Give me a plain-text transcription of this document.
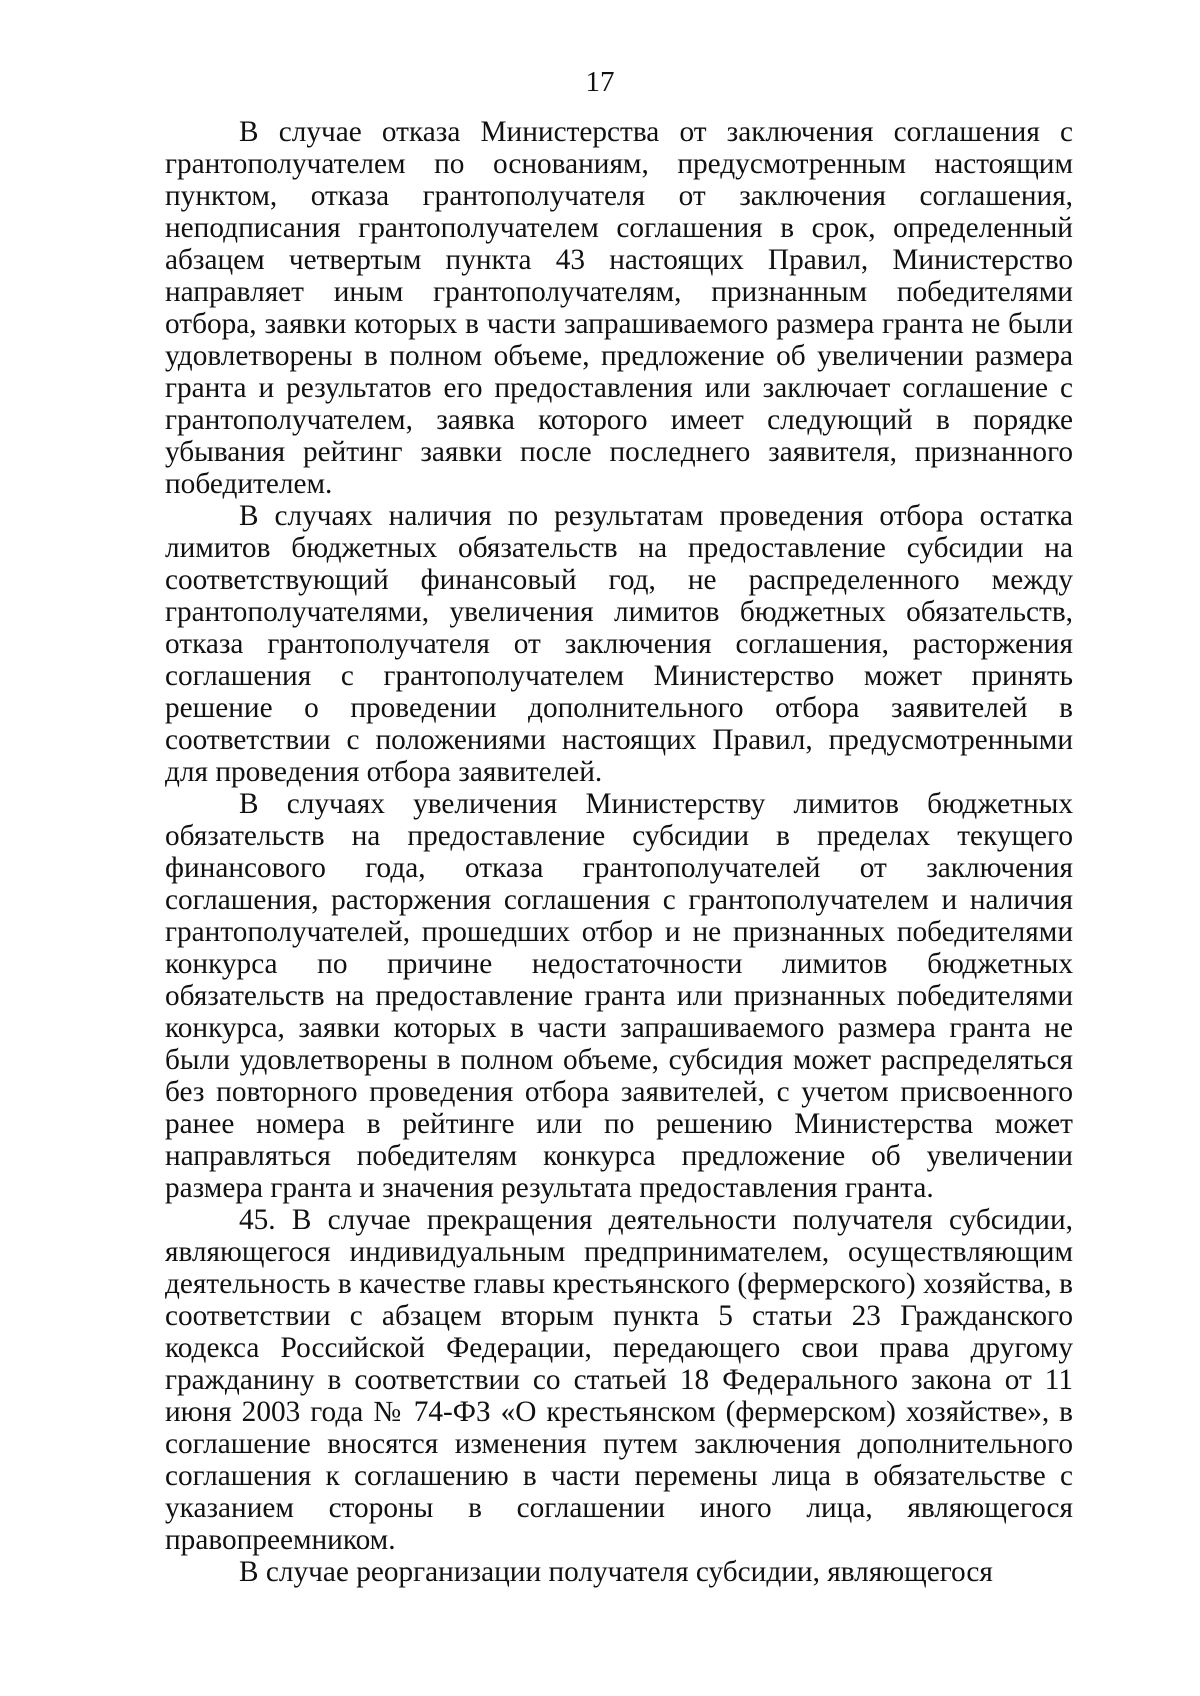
17

В случае отказа Министерства от заключения соглашения с грантополучателем по основаниям, предусмотренным настоящим пунктом, отказа грантополучателя от заключения соглашения, неподписания грантополучателем соглашения в срок, определенный абзацем четвертым пункта 43 настоящих Правил, Министерство направляет иным грантополучателям, признанным победителями отбора, заявки которых в части запрашиваемого размера гранта не были удовлетворены в полном объеме, предложение об увеличении размера гранта и результатов его предоставления или заключает соглашение с грантополучателем, заявка которого имеет следующий в порядке убывания рейтинг заявки после последнего заявителя, признанного победителем.

В случаях наличия по результатам проведения отбора остатка лимитов бюджетных обязательств на предоставление субсидии на соответствующий финансовый год, не распределенного между грантополучателями, увеличения лимитов бюджетных обязательств, отказа грантополучателя от заключения соглашения, расторжения соглашения с грантополучателем Министерство может принять решение о проведении дополнительного отбора заявителей в соответствии с положениями настоящих Правил, предусмотренными для проведения отбора заявителей.

В случаях увеличения Министерству лимитов бюджетных обязательств на предоставление субсидии в пределах текущего финансового года, отказа грантополучателей от заключения соглашения, расторжения соглашения с грантополучателем и наличия грантополучателей, прошедших отбор и не признанных победителями конкурса по причине недостаточности лимитов бюджетных обязательств на предоставление гранта или признанных победителями конкурса, заявки которых в части запрашиваемого размера гранта не были удовлетворены в полном объеме, субсидия может распределяться без повторного проведения отбора заявителей, с учетом присвоенного ранее номера в рейтинге или по решению Министерства может направляться победителям конкурса предложение об увеличении размера гранта и значения результата предоставления гранта.

45. В случае прекращения деятельности получателя субсидии, являющегося индивидуальным предпринимателем, осуществляющим деятельность в качестве главы крестьянского (фермерского) хозяйства, в соответствии с абзацем вторым пункта 5 статьи 23 Гражданского кодекса Российской Федерации, передающего свои права другому гражданину в соответствии со статьей 18 Федерального закона от 11 июня 2003 года № 74-ФЗ «О крестьянском (фермерском) хозяйстве», в соглашение вносятся изменения путем заключения дополнительного соглашения к соглашению в части перемены лица в обязательстве с указанием стороны в соглашении иного лица, являющегося правопреемником.

В случае реорганизации получателя субсидии, являющегося
